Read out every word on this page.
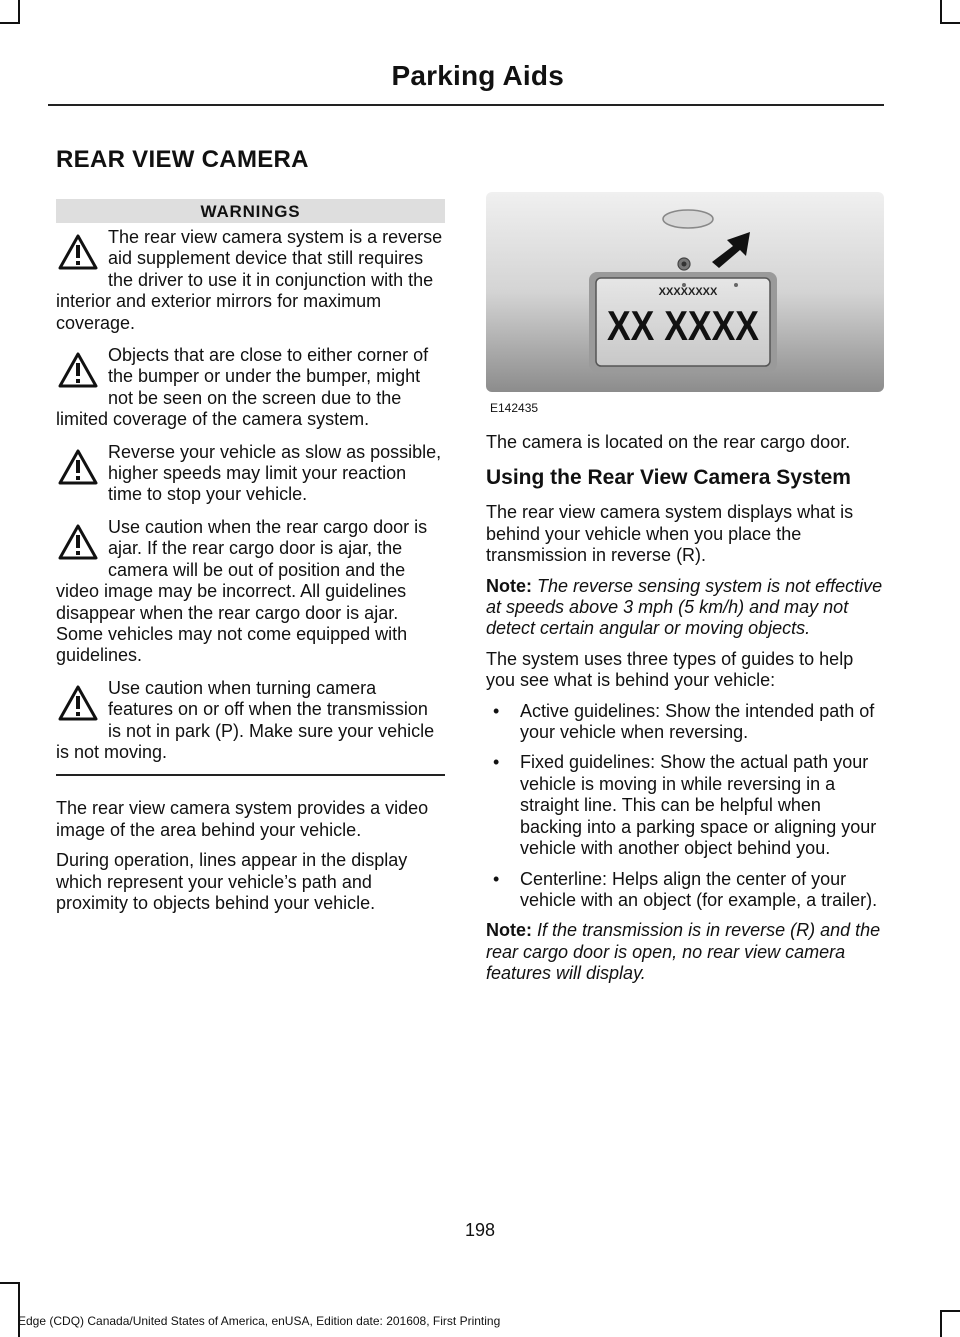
Parking Aids
REAR VIEW CAMERA
WARNINGS
The rear view camera system is a reverse aid supplement device that still requires the driver to use it in conjunction with the interior and exterior mirrors for maximum coverage.
Objects that are close to either corner of the bumper or under the bumper, might not be seen on the screen due to the limited coverage of the camera system.
Reverse your vehicle as slow as possible, higher speeds may limit your reaction time to stop your vehicle.
Use caution when the rear cargo door is ajar. If the rear cargo door is ajar, the camera will be out of position and the video image may be incorrect. All guidelines disappear when the rear cargo door is ajar. Some vehicles may not come equipped with guidelines.
Use caution when turning camera features on or off when the transmission is not in park (P). Make sure your vehicle is not moving.

The rear view camera system provides a video image of the area behind your vehicle.

During operation, lines appear in the display which represent your vehicle’s path and proximity to objects behind your vehicle.

XXXXXXXX
XX XXXX
E142435

The camera is located on the rear cargo door.

Using the Rear View Camera System

The rear view camera system displays what is behind your vehicle when you place the transmission in reverse (R).

Note: The reverse sensing system is not effective at speeds above 3 mph (5 km/h) and may not detect certain angular or moving objects.

The system uses three types of guides to help you see what is behind your vehicle:

• Active guidelines: Show the intended path of your vehicle when reversing.
• Fixed guidelines: Show the actual path your vehicle is moving in while reversing in a straight line. This can be helpful when backing into a parking space or aligning your vehicle with another object behind you.
• Centerline: Helps align the center of your vehicle with an object (for example, a trailer).

Note: If the transmission is in reverse (R) and the rear cargo door is open, no rear view camera features will display.

198
Edge (CDQ) Canada/United States of America, enUSA, Edition date: 201608, First Printing
